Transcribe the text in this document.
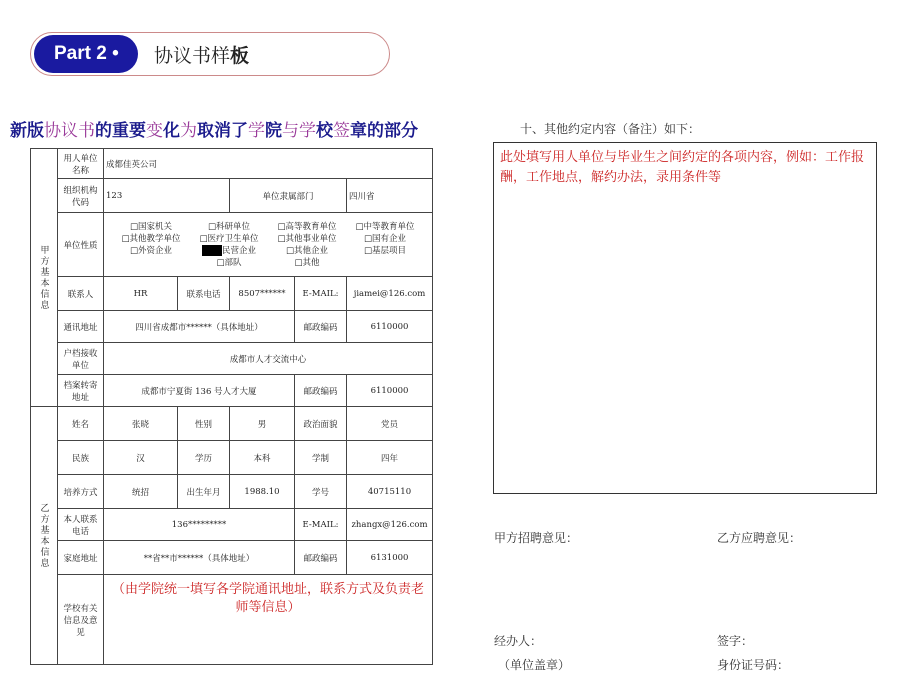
Part 2 •	协议书样板
新版协议书的重要变化为取消了学院与学校签章的部分
甲方基本信息	用人单位名称	成都佳英公司				
	组织机构代码	123		单位隶属部门		四川省
	单位性质	□国家机关 □科研单位 □高等教育单位 □中等教育单位
□其他教学单位 □医疗卫生单位 □其他事业单位 □国有企业
□外资企业 民营企业 □其他企业 □基层项目
□部队 □其他				
	联系人	HR	联系电话	8507******	E-MAIL:	jiamei@126.com
	通讯地址	四川省成都市******（具体地址）			邮政编码	6110000
	户档接收单位	成都市人才交流中心				
	档案转寄地址	成都市宁夏街 136 号人才大厦			邮政编码	6110000

乙方基本信息	姓名	张晓	性别	男	政治面貌	党员
	民族	汉	学历	本科	学制	四年
	培养方式	统招	出生年月	1988.10	学号	40715110
	本人联系电话	136*********			E-MAIL:	zhangx@126.com
	家庭地址	**省**市******（具体地址）			邮政编码	6131000
	学校有关信息及意见	（由学院统一填写各学院通讯地址，联系方式及负责老师等信息）				
十、其他约定内容（备注）如下：
此处填写用人单位与毕业生之间约定的各项内容，例如：工作报酬，工作地点，解约办法，录用条件等
甲方招聘意见：	乙方应聘意见：
经办人：	签字：
（单位盖章）	身份证号码：
